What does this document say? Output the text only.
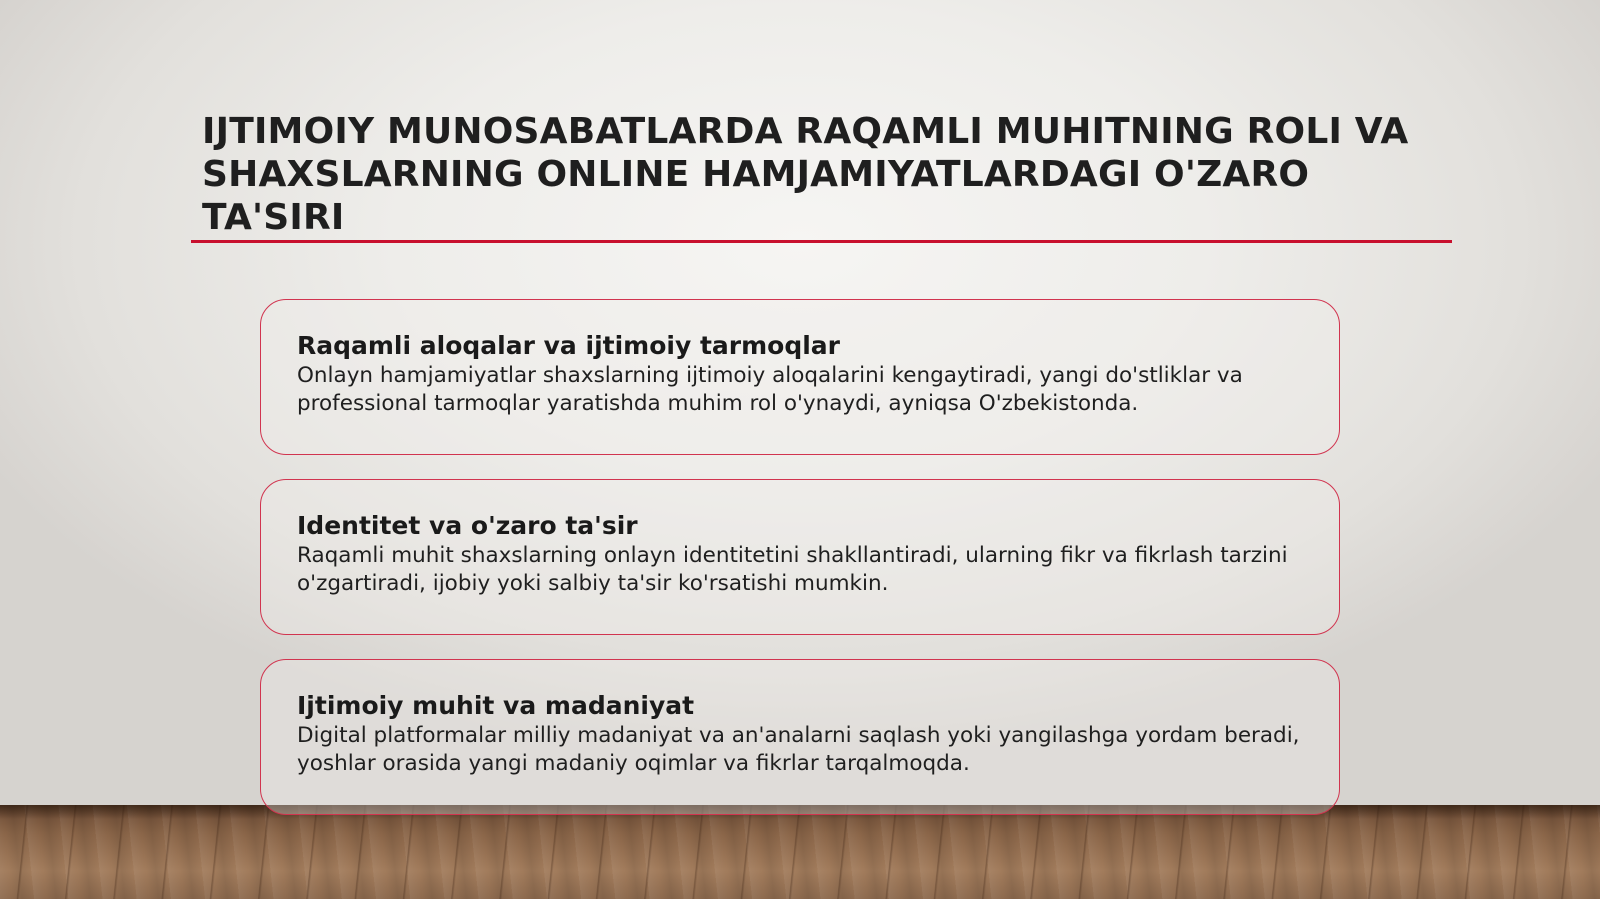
IJTIMOIY MUNOSABATLARDA RAQAMLI MUHITNING ROLI VA SHAXSLARNING ONLINE HAMJAMIYATLARDAGI O'ZARO TA'SIRI
Raqamli aloqalar va ijtimoiy tarmoqlar
Onlayn hamjamiyatlar shaxslarning ijtimoiy aloqalarini kengaytiradi, yangi do'stliklar va professional tarmoqlar yaratishda muhim rol o'ynaydi, ayniqsa O'zbekistonda.
Identitet va o'zaro ta'sir
Raqamli muhit shaxslarning onlayn identitetini shakllantiradi, ularning fikr va fikrlash tarzini o'zgartiradi, ijobiy yoki salbiy ta'sir ko'rsatishi mumkin.
Ijtimoiy muhit va madaniyat
Digital platformalar milliy madaniyat va an'analarni saqlash yoki yangilashga yordam beradi, yoshlar orasida yangi madaniy oqimlar va fikrlar tarqalmoqda.
